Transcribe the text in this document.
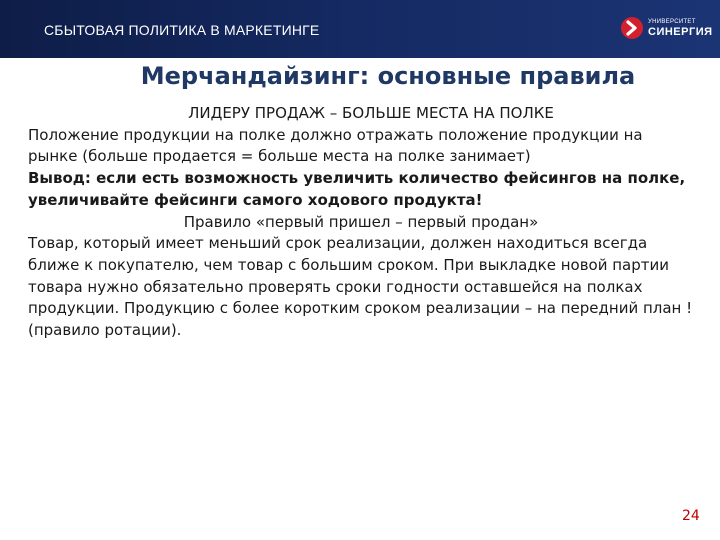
СБЫТОВАЯ ПОЛИТИКА В МАРКЕТИНГЕ	УНИВЕРСИТЕТ
СИНЕРГИЯ
Мерчандайзинг: основные правила

ЛИДЕРУ ПРОДАЖ – БОЛЬШЕ МЕСТА НА ПОЛКЕ

Положение продукции на полке должно отражать положение продукции на рынке (больше продается = больше места на полке занимает)

Вывод: если есть возможность увеличить количество фейсингов на полке, увеличивайте фейсинги самого ходового продукта!

Правило «первый пришел – первый продан»

Товар, который имеет меньший срок реализации, должен находиться всегда ближе к покупателю, чем товар с большим сроком. При выкладке новой партии товара нужно обязательно проверять сроки годности оставшейся на полках продукции. Продукцию с более коротким сроком реализации – на передний план ! (правило ротации).

24
